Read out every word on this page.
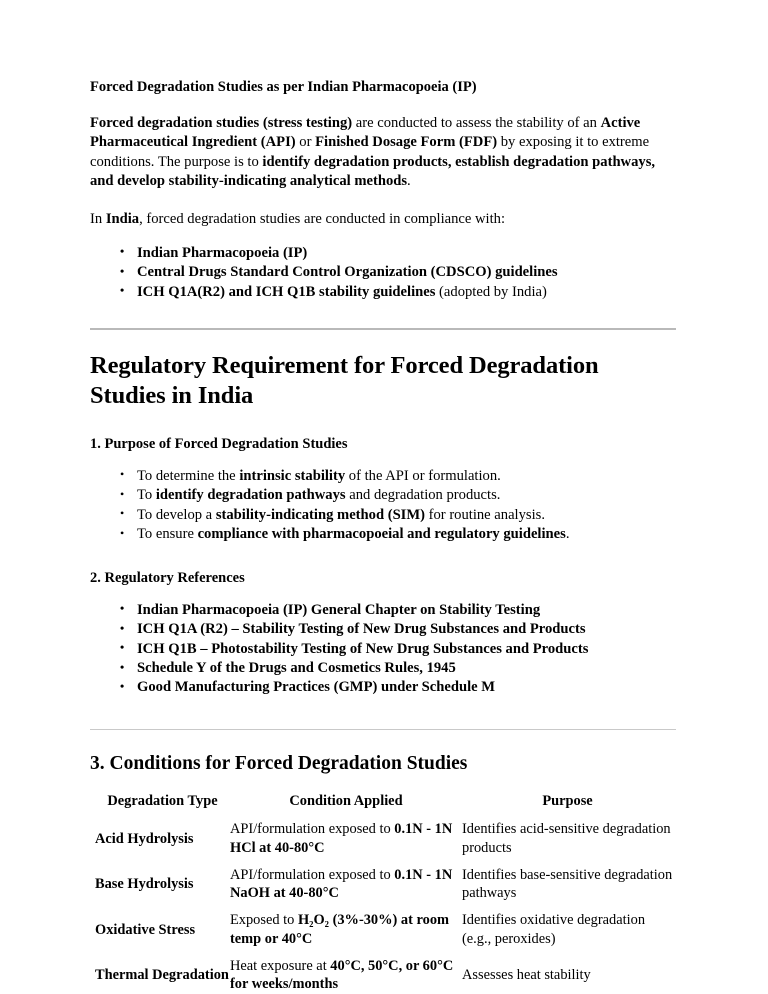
Forced Degradation Studies as per Indian Pharmacopoeia (IP)

Forced degradation studies (stress testing) are conducted to assess the stability of an Active Pharmaceutical Ingredient (API) or Finished Dosage Form (FDF) by exposing it to extreme conditions. The purpose is to identify degradation products, establish degradation pathways, and develop stability-indicating analytical methods.

In India, forced degradation studies are conducted in compliance with:

• Indian Pharmacopoeia (IP)
• Central Drugs Standard Control Organization (CDSCO) guidelines
• ICH Q1A(R2) and ICH Q1B stability guidelines (adopted by India)
Regulatory Requirement for Forced Degradation Studies in India
1. Purpose of Forced Degradation Studies
• To determine the intrinsic stability of the API or formulation.
• To identify degradation pathways and degradation products.
• To develop a stability-indicating method (SIM) for routine analysis.
• To ensure compliance with pharmacopoeial and regulatory guidelines.
2. Regulatory References
• Indian Pharmacopoeia (IP) General Chapter on Stability Testing
• ICH Q1A (R2) – Stability Testing of New Drug Substances and Products
• ICH Q1B – Photostability Testing of New Drug Substances and Products
• Schedule Y of the Drugs and Cosmetics Rules, 1945
• Good Manufacturing Practices (GMP) under Schedule M
3. Conditions for Forced Degradation Studies
Degradation Type	Condition Applied	Purpose
Acid Hydrolysis	API/formulation exposed to 0.1N - 1N HCl at 40-80°C	Identifies acid-sensitive degradation products
Base Hydrolysis	API/formulation exposed to 0.1N - 1N NaOH at 40-80°C	Identifies base-sensitive degradation pathways
Oxidative Stress	Exposed to H₂O₂ (3%-30%) at room temp or 40°C	Identifies oxidative degradation (e.g., peroxides)
Thermal Degradation	Heat exposure at 40°C, 50°C, or 60°C for weeks/months	Assesses heat stability
